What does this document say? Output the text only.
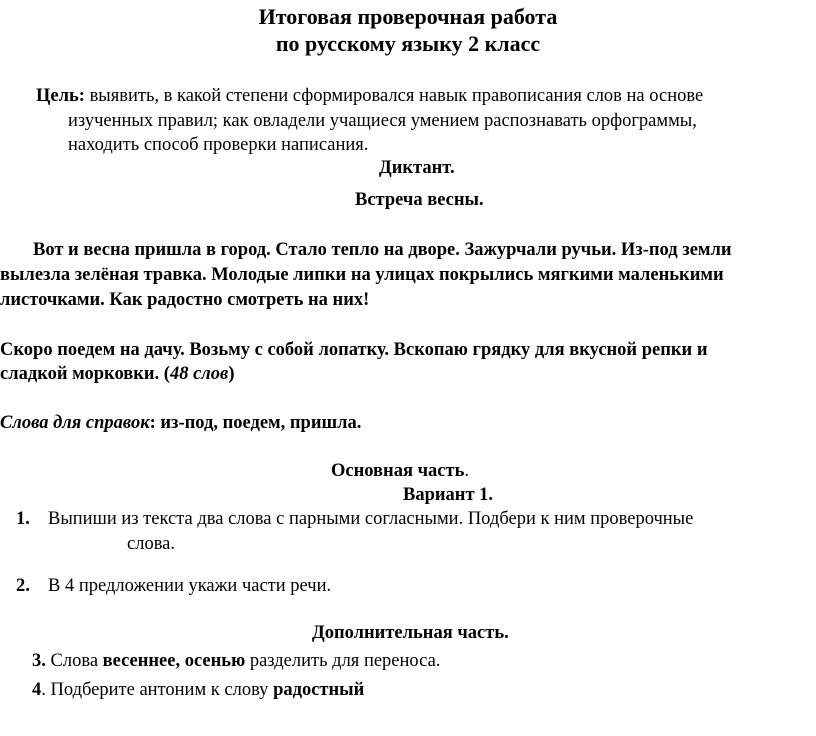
Итоговая проверочная работа
по русскому языку 2 класс
Цель: выявить, в какой степени сформировался навык правописания слов на основе
изученных правил; как овладели учащиеся умением распознавать орфограммы,
находить способ проверки написания.
Диктант.
Встреча весны.
Вот и весна пришла в город. Стало тепло на дворе. Зажурчали ручьи. Из-под земли
вылезла зелёная травка. Молодые липки на улицах покрылись мягкими маленькими
листочками. Как радостно смотреть на них!
Скоро поедем на дачу. Возьму с собой лопатку. Вскопаю грядку для вкусной репки и
сладкой морковки. (48 слов)
Слова для справок: из-под, поедем, пришла.
Основная часть.
Вариант 1.
1. Выпиши из текста два слова с парными согласными. Подбери к ним проверочные
слова.
2. В 4 предложении укажи части речи.
Дополнительная часть.
3. Слова весеннее, осенью разделить для переноса.
4. Подберите антоним к слову радостный
